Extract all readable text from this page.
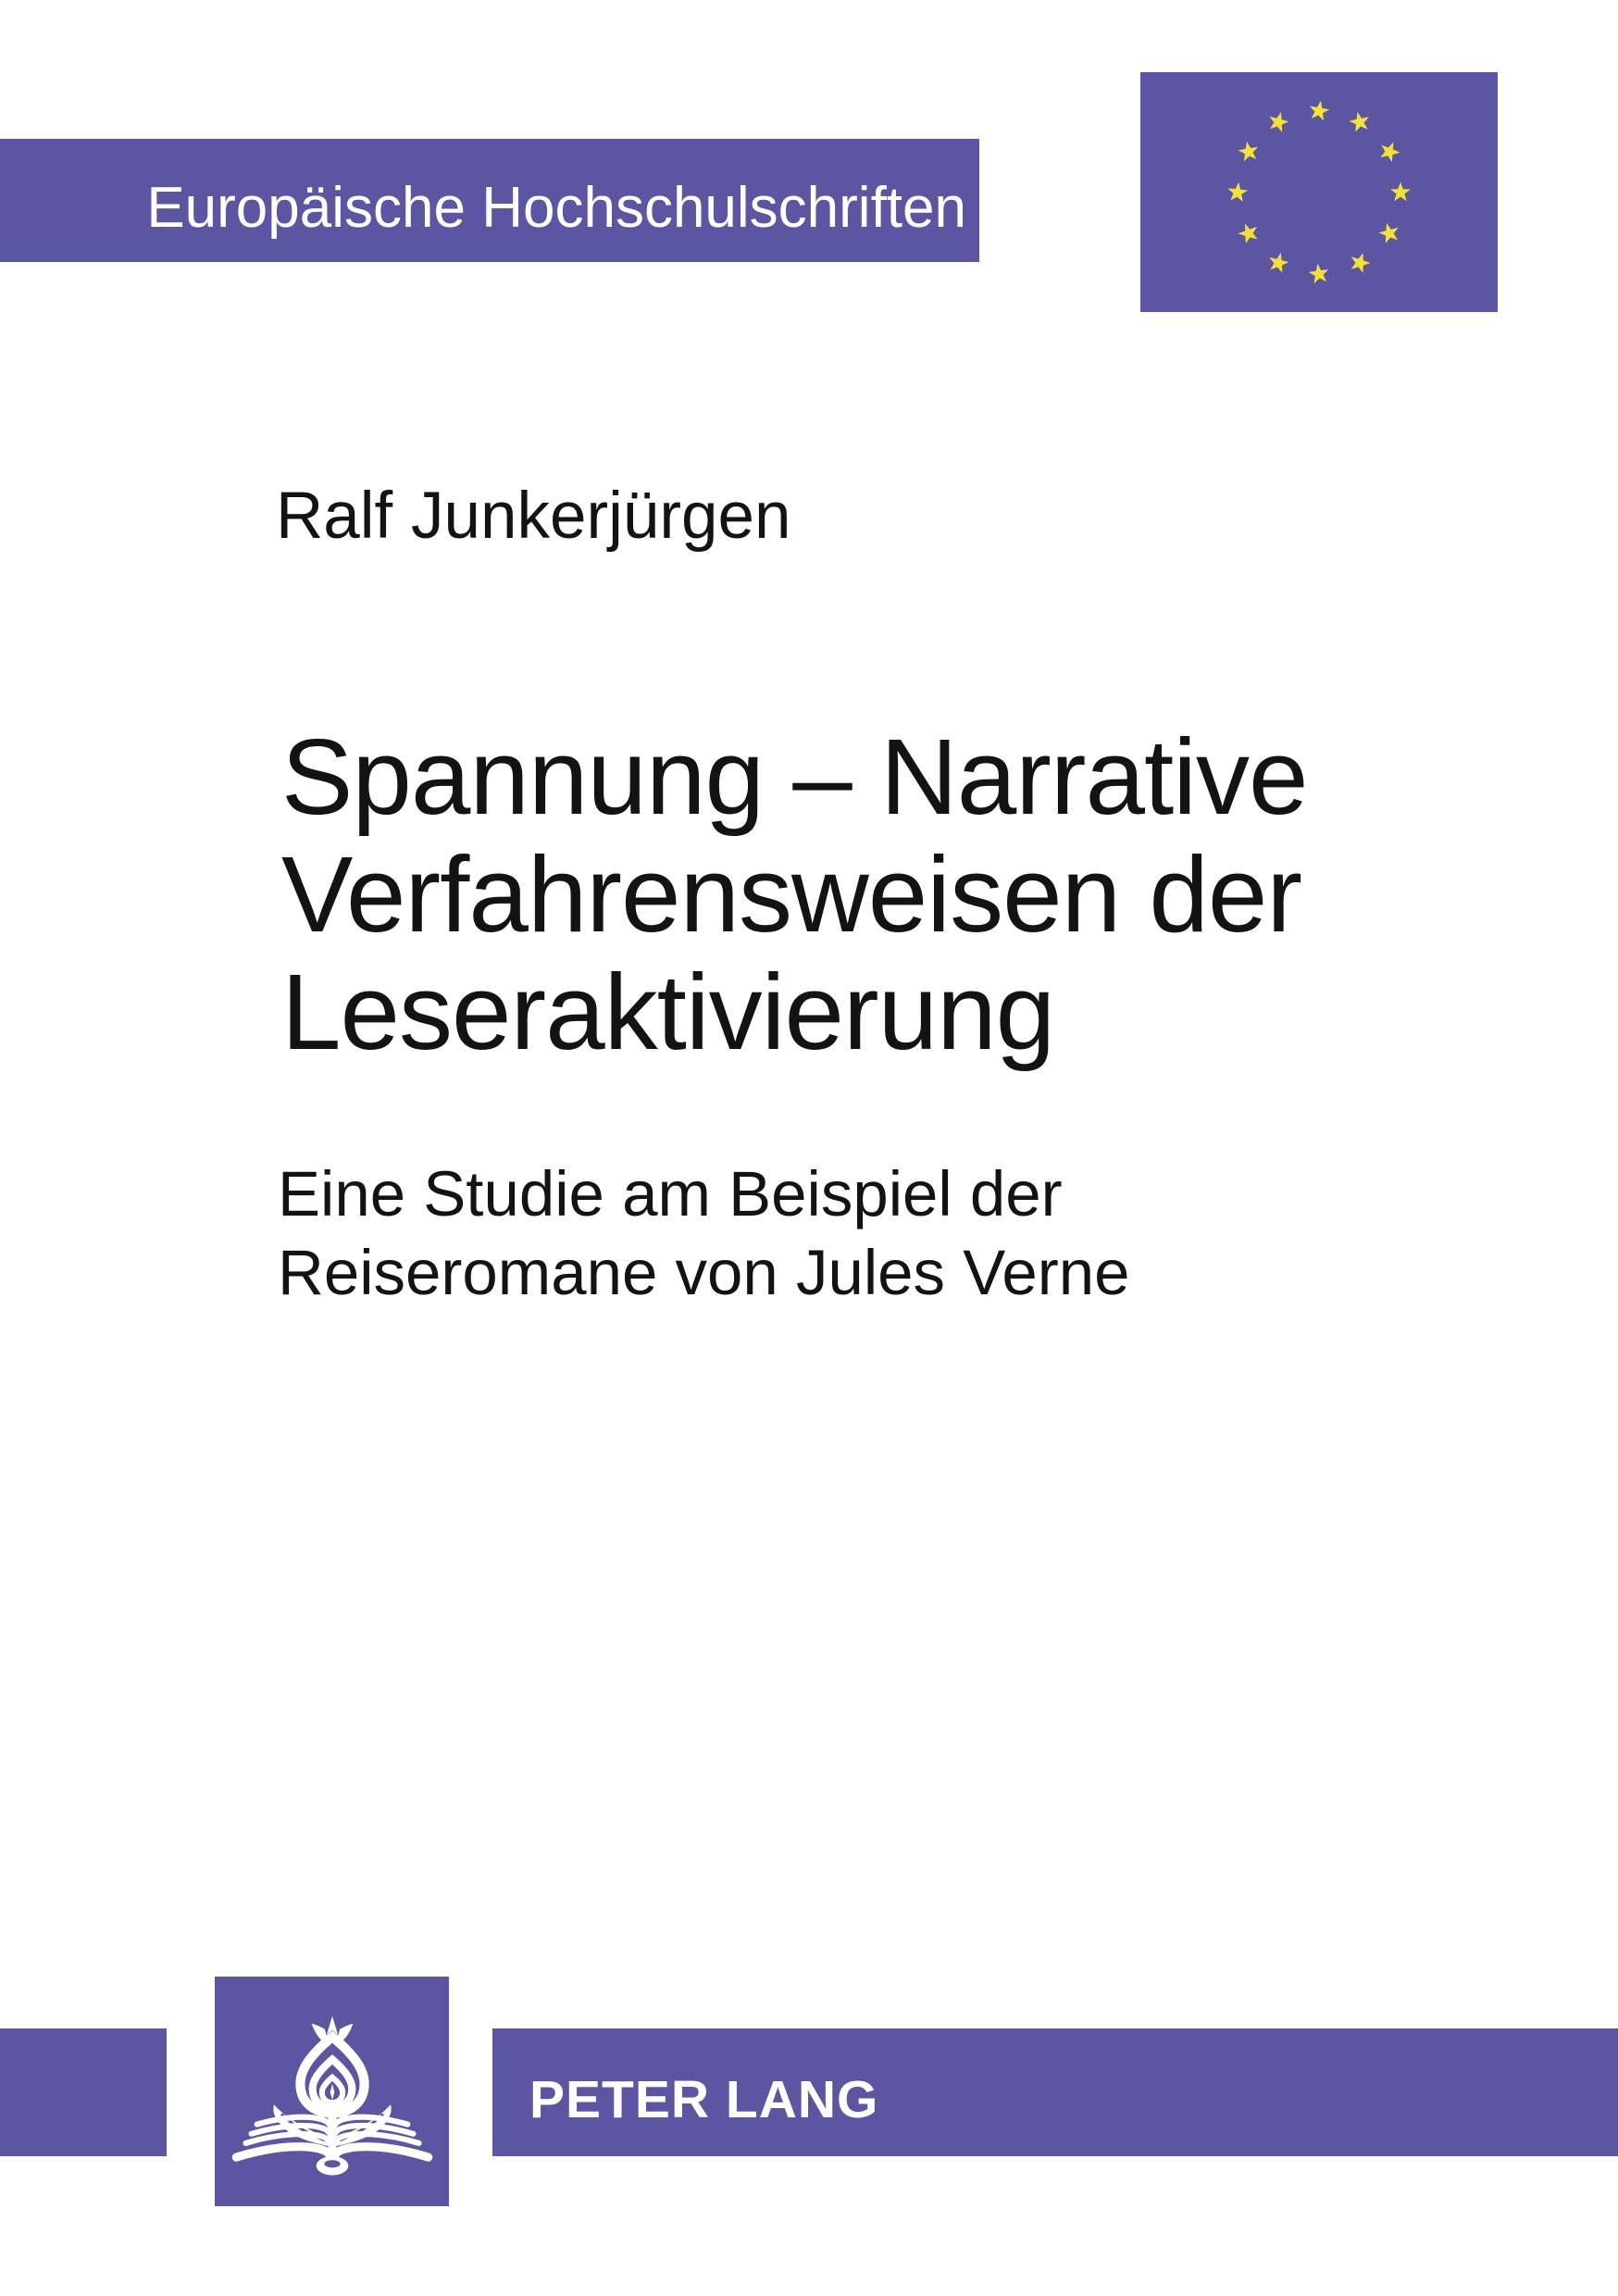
Europäische Hochschulschriften
Ralf Junkerjürgen
Spannung – Narrative
Verfahrensweisen der
Leseraktivierung
Eine Studie am Beispiel der
Reiseromane von Jules Verne
PETER LANG
